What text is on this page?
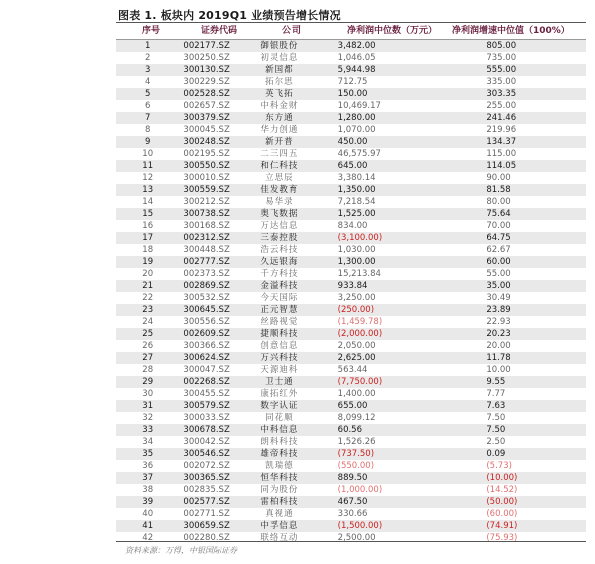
图表 1. 板块内 2019Q1 业绩预告增长情况
序号	证券代码	公司	净利润中位数（万元）	净利润增速中位值（100%）
1	002177.SZ	御银股份	3,482.00	805.00
2	300250.SZ	初灵信息	1,046.05	735.00
3	300130.SZ	新国都	5,944.98	555.00
4	300229.SZ	拓尔思	712.75	335.00
5	002528.SZ	英飞拓	150.00	303.35
6	002657.SZ	中科金财	10,469.17	255.00
7	300379.SZ	东方通	1,280.00	241.46
8	300045.SZ	华力创通	1,070.00	219.96
9	300248.SZ	新开普	450.00	134.37
10	002195.SZ	二三四五	46,575.97	115.00
11	300550.SZ	和仁科技	645.00	114.05
12	300010.SZ	立思辰	3,380.14	90.00
13	300559.SZ	佳发教育	1,350.00	81.58
14	300212.SZ	易华录	7,218.54	80.00
15	300738.SZ	奥飞数据	1,525.00	75.64
16	300168.SZ	万达信息	834.00	70.00
17	002312.SZ	三泰控股	(3,100.00)	64.75
18	300448.SZ	浩云科技	1,030.00	62.67
19	002777.SZ	久远银海	1,300.00	60.00
20	002373.SZ	千方科技	15,213.84	55.00
21	002869.SZ	金溢科技	933.84	35.00
22	300532.SZ	今天国际	3,250.00	30.49
23	300645.SZ	正元智慧	(250.00)	23.89
24	300556.SZ	丝路视觉	(1,459.78)	22.93
25	002609.SZ	捷顺科技	(2,000.00)	20.23
26	300366.SZ	创意信息	2,050.00	20.00
27	300624.SZ	万兴科技	2,625.00	11.78
28	300047.SZ	天源迪科	563.44	10.00
29	002268.SZ	卫士通	(7,750.00)	9.55
30	300455.SZ	康拓红外	1,400.00	7.77
31	300579.SZ	数字认证	655.00	7.63
32	300033.SZ	同花顺	8,099.12	7.50
33	300678.SZ	中科信息	60.56	7.50
34	300042.SZ	朗科科技	1,526.26	2.50
35	300546.SZ	雄帝科技	(737.50)	0.09
36	002072.SZ	凯瑞德	(550.00)	(5.73)
37	300365.SZ	恒华科技	889.50	(10.00)
38	002835.SZ	同为股份	(1,000.00)	(14.52)
39	002577.SZ	雷柏科技	467.50	(50.00)
40	002771.SZ	真视通	330.66	(60.00)
41	300659.SZ	中孚信息	(1,500.00)	(74.91)
42	002280.SZ	联络互动	2,500.00	(75.93)
资料来源：万得，中银国际证券
